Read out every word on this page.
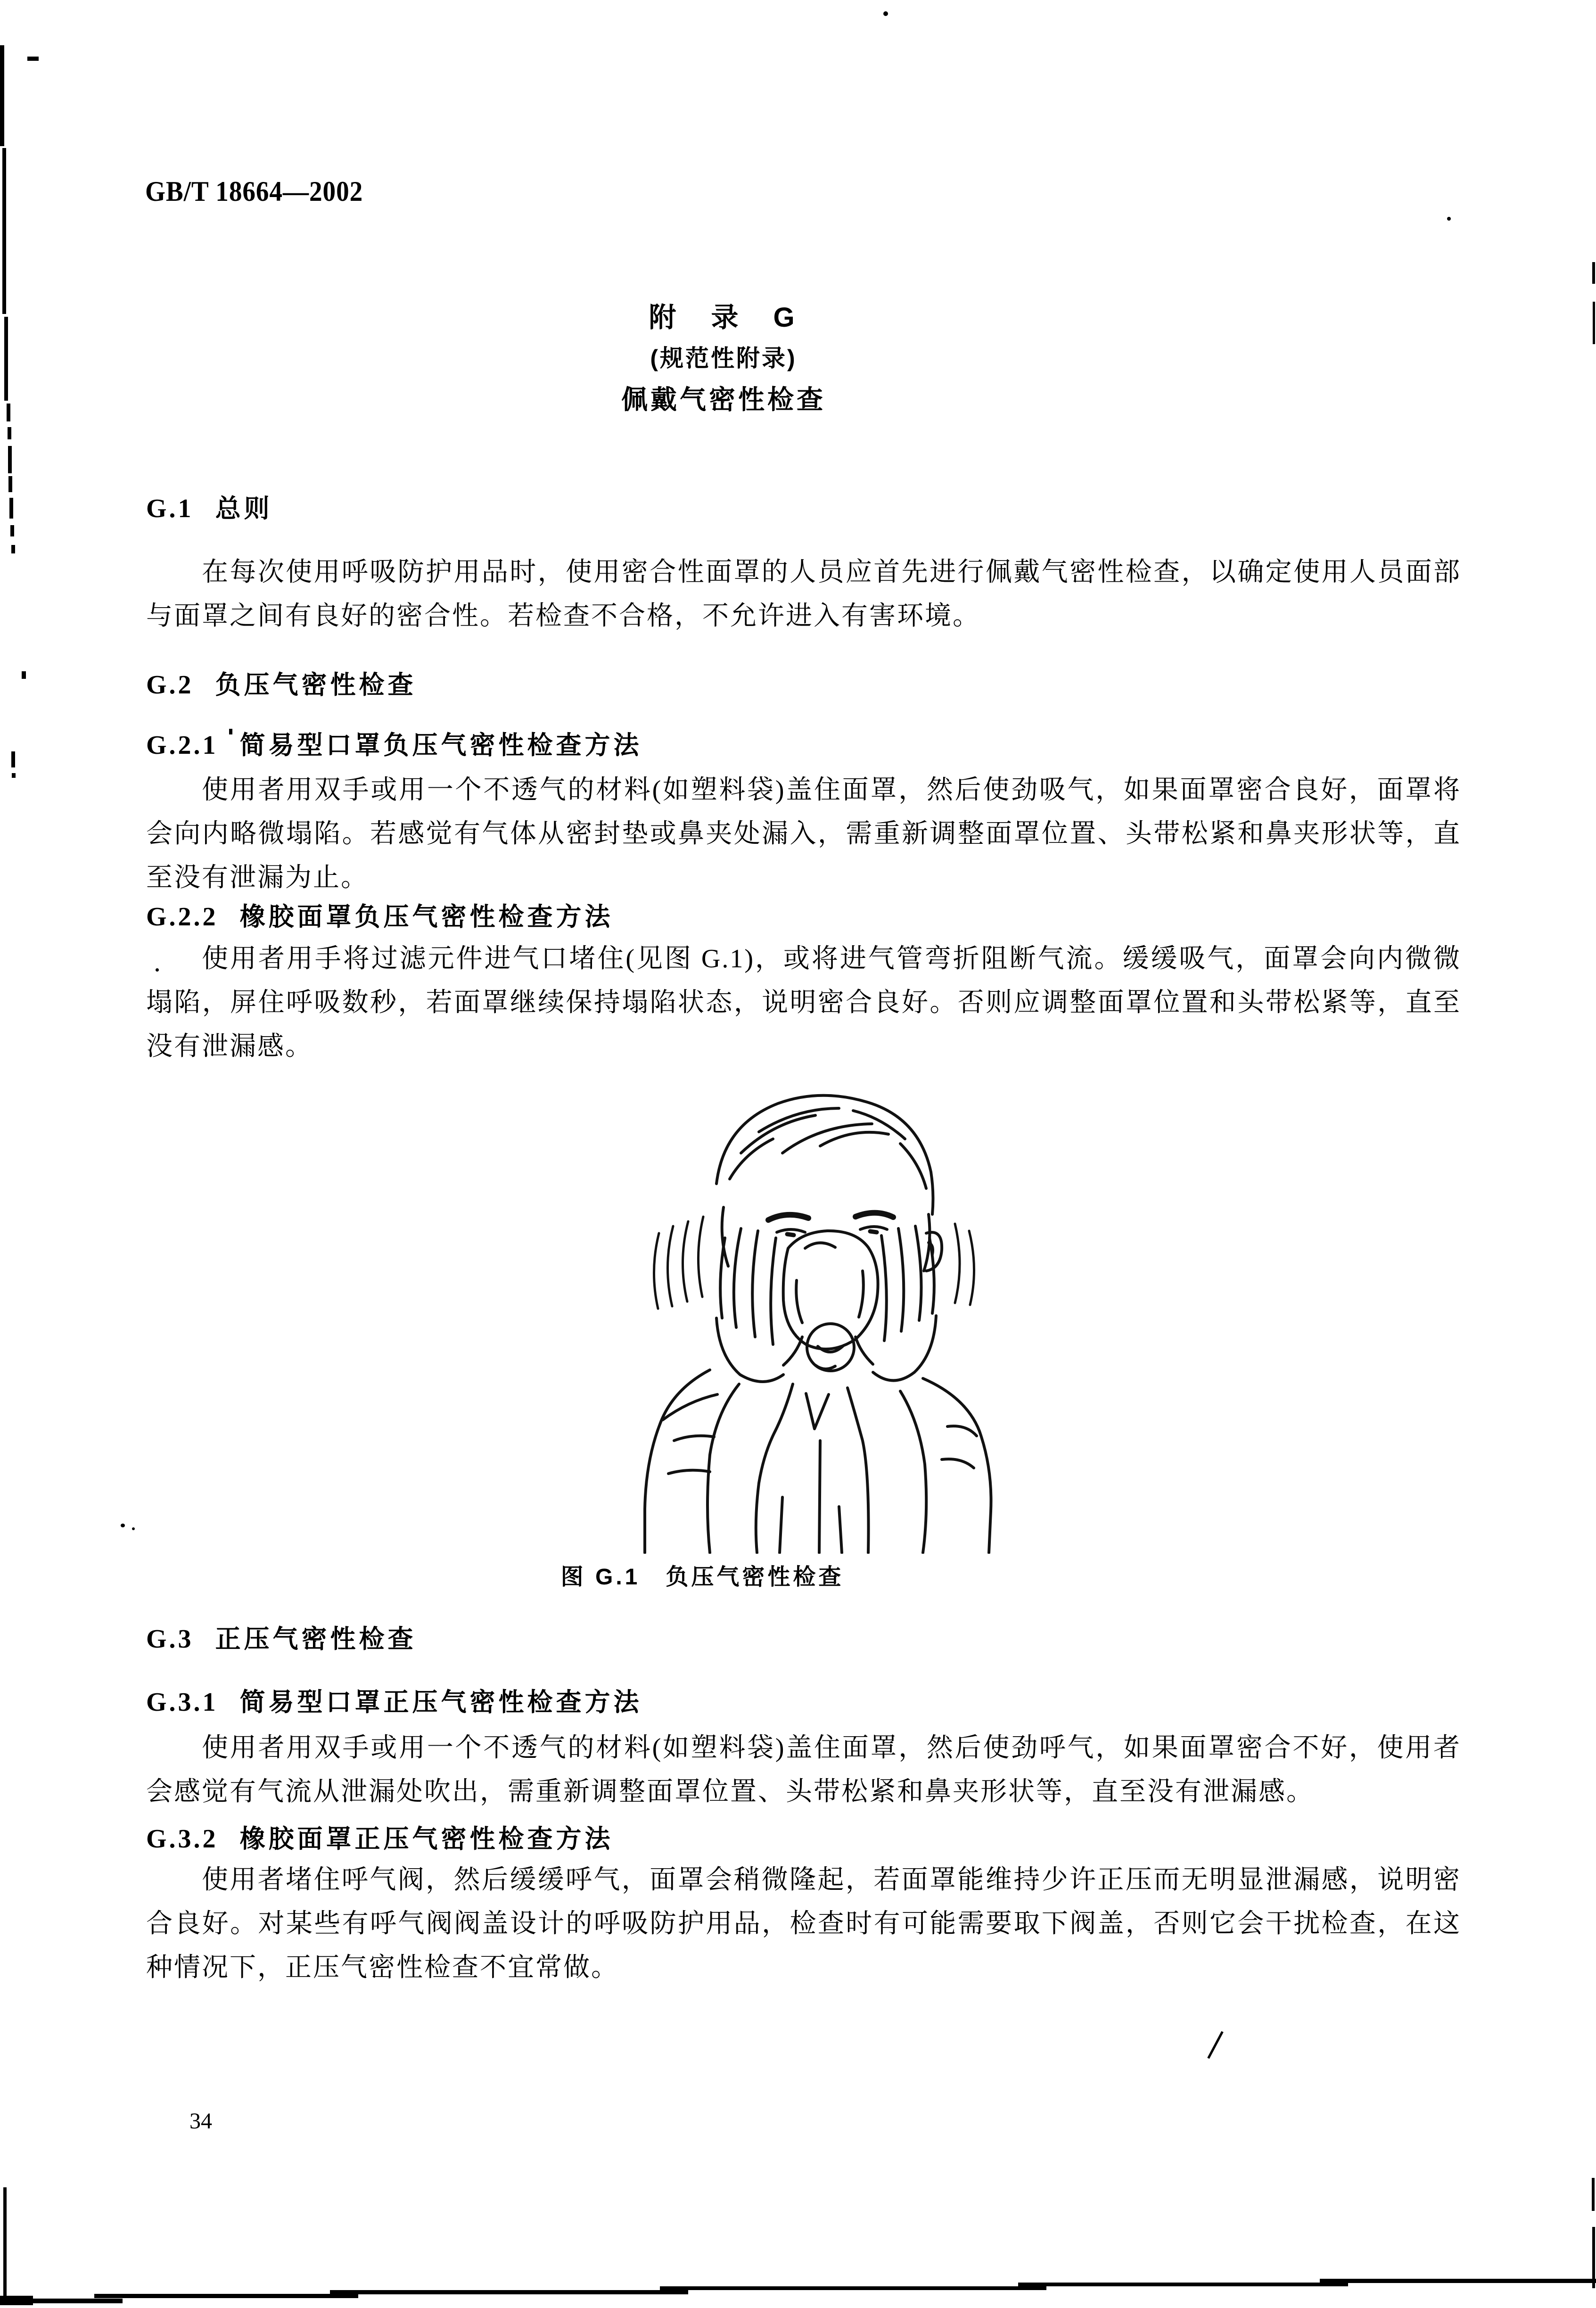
GB/T 18664—2002
附　录　G
(规范性附录)
佩戴气密性检查
G.1 总则

在每次使用呼吸防护用品时，使用密合性面罩的人员应首先进行佩戴气密性检查，以确定使用人员面部与面罩之间有良好的密合性。若检查不合格，不允许进入有害环境。

G.2 负压气密性检查
G.2.1 简易型口罩负压气密性检查方法

使用者用双手或用一个不透气的材料(如塑料袋)盖住面罩，然后使劲吸气，如果面罩密合良好，面罩将会向内略微塌陷。若感觉有气体从密封垫或鼻夹处漏入，需重新调整面罩位置、头带松紧和鼻夹形状等，直至没有泄漏为止。

G.2.2 橡胶面罩负压气密性检查方法

使用者用手将过滤元件进气口堵住(见图 G.1)，或将进气管弯折阻断气流。缓缓吸气，面罩会向内微微塌陷，屏住呼吸数秒，若面罩继续保持塌陷状态，说明密合良好。否则应调整面罩位置和头带松紧等，直至没有泄漏感。

图 G.1　负压气密性检查
G.3 正压气密性检查
G.3.1 简易型口罩正压气密性检查方法

使用者用双手或用一个不透气的材料(如塑料袋)盖住面罩，然后使劲呼气，如果面罩密合不好，使用者会感觉有气流从泄漏处吹出，需重新调整面罩位置、头带松紧和鼻夹形状等，直至没有泄漏感。

G.3.2 橡胶面罩正压气密性检查方法

使用者堵住呼气阀，然后缓缓呼气，面罩会稍微隆起，若面罩能维持少许正压而无明显泄漏感，说明密合良好。对某些有呼气阀阀盖设计的呼吸防护用品，检查时有可能需要取下阀盖，否则它会干扰检查，在这种情况下，正压气密性检查不宜常做。

34
